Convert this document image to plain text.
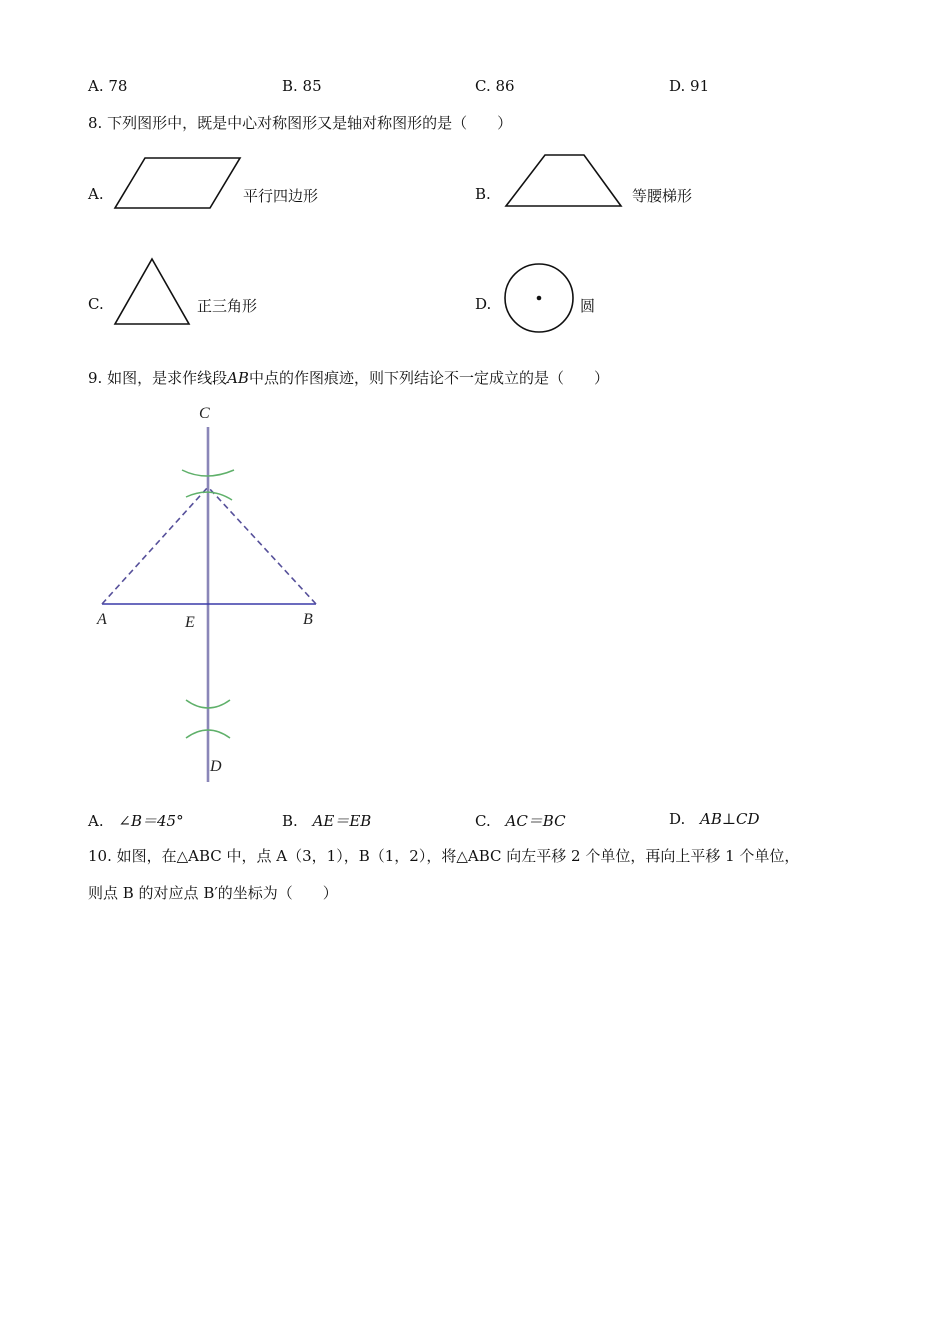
A. 78	B. 85	C. 86	D. 91
8. 下列图形中，既是中心对称图形又是轴对称图形的是（　　）
A.	平行四边形	B.	等腰梯形
C.	正三角形	D.	圆
9. 如图，是求作线段AB中点的作图痕迹，则下列结论不一定成立的是（　　）
C
A	E	B
D
A. ∠B＝45°	B. AE＝EB	C. AC＝BC	D. AB⊥CD
10. 如图，在△ABC 中，点 A（3，1），B（1，2），将△ABC 向左平移 2 个单位，再向上平移 1 个单位，
则点 B 的对应点 B′的坐标为（　　）
